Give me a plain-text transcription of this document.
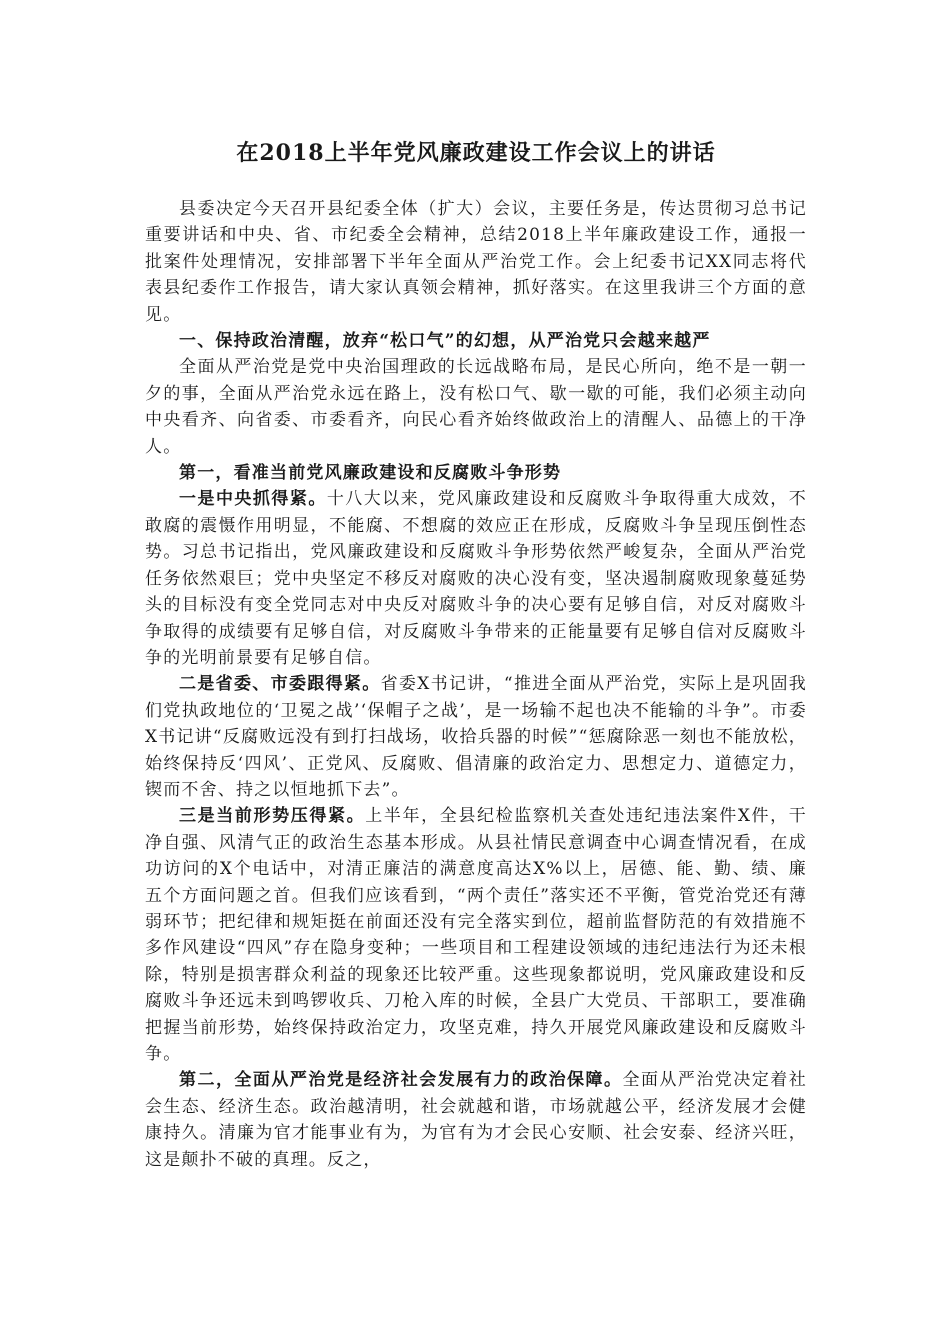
在2018上半年党风廉政建设工作会议上的讲话

县委决定今天召开县纪委全体（扩大）会议，主要任务是，传达贯彻习总书记重要讲话和中央、省、市纪委全会精神，总结2018上半年廉政建设工作，通报一批案件处理情况，安排部署下半年全面从严治党工作。会上纪委书记XX同志将代表县纪委作工作报告，请大家认真领会精神，抓好落实。在这里我讲三个方面的意见。

一、保持政治清醒，放弃“松口气”的幻想，从严治党只会越来越严

全面从严治党是党中央治国理政的长远战略布局，是民心所向，绝不是一朝一夕的事，全面从严治党永远在路上，没有松口气、歇一歇的可能，我们必须主动向中央看齐、向省委、市委看齐，向民心看齐始终做政治上的清醒人、品德上的干净人。

第一，看准当前党风廉政建设和反腐败斗争形势

一是中央抓得紧。十八大以来，党风廉政建设和反腐败斗争取得重大成效，不敢腐的震慑作用明显，不能腐、不想腐的效应正在形成，反腐败斗争呈现压倒性态势。习总书记指出，党风廉政建设和反腐败斗争形势依然严峻复杂，全面从严治党任务依然艰巨；党中央坚定不移反对腐败的决心没有变，坚决遏制腐败现象蔓延势头的目标没有变全党同志对中央反对腐败斗争的决心要有足够自信，对反对腐败斗争取得的成绩要有足够自信，对反腐败斗争带来的正能量要有足够自信对反腐败斗争的光明前景要有足够自信。

二是省委、市委跟得紧。省委X书记讲，“推进全面从严治党，实际上是巩固我们党执政地位的‘卫冕之战’‘保帽子之战’，是一场输不起也决不能输的斗争”。市委X书记讲“反腐败远没有到打扫战场，收拾兵器的时候”“惩腐除恶一刻也不能放松，始终保持反‘四风’、正党风、反腐败、倡清廉的政治定力、思想定力、道德定力，锲而不舍、持之以恒地抓下去”。

三是当前形势压得紧。上半年，全县纪检监察机关查处违纪违法案件X件，干净自强、风清气正的政治生态基本形成。从县社情民意调查中心调查情况看，在成功访问的X个电话中，对清正廉洁的满意度高达X%以上，居德、能、勤、绩、廉五个方面问题之首。但我们应该看到，“两个责任”落实还不平衡，管党治党还有薄弱环节；把纪律和规矩挺在前面还没有完全落实到位，超前监督防范的有效措施不多作风建设“四风”存在隐身变种；一些项目和工程建设领域的违纪违法行为还未根除，特别是损害群众利益的现象还比较严重。这些现象都说明，党风廉政建设和反腐败斗争还远未到鸣锣收兵、刀枪入库的时候，全县广大党员、干部职工，要准确把握当前形势，始终保持政治定力，攻坚克难，持久开展党风廉政建设和反腐败斗争。

第二，全面从严治党是经济社会发展有力的政治保障。全面从严治党决定着社会生态、经济生态。政治越清明，社会就越和谐，市场就越公平，经济发展才会健康持久。清廉为官才能事业有为，为官有为才会民心安顺、社会安泰、经济兴旺，这是颠扑不破的真理。反之，
